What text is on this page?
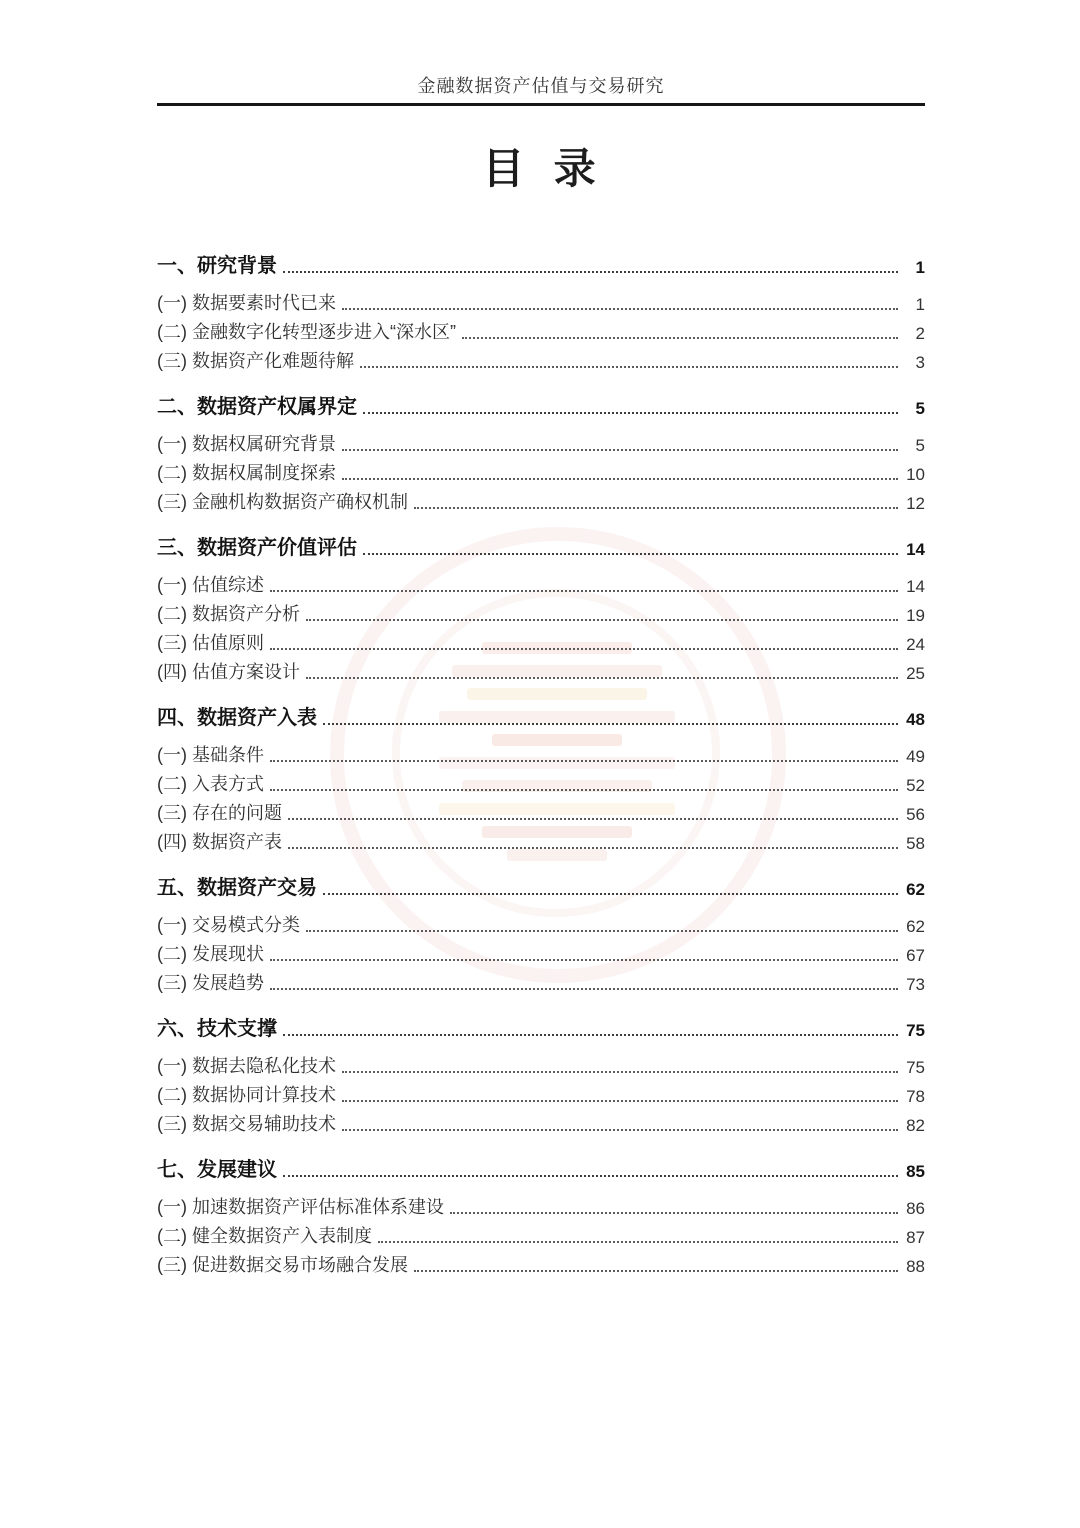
金融数据资产估值与交易研究
目  录
一、研究背景	1
(一) 数据要素时代已来	1
(二) 金融数字化转型逐步进入“深水区”	2
(三) 数据资产化难题待解	3
二、数据资产权属界定	5
(一) 数据权属研究背景	5
(二) 数据权属制度探索	10
(三) 金融机构数据资产确权机制	12
三、数据资产价值评估	14
(一) 估值综述	14
(二) 数据资产分析	19
(三) 估值原则	24
(四) 估值方案设计	25
四、数据资产入表	48
(一) 基础条件	49
(二) 入表方式	52
(三) 存在的问题	56
(四) 数据资产表	58
五、数据资产交易	62
(一) 交易模式分类	62
(二) 发展现状	67
(三) 发展趋势	73
六、技术支撑	75
(一) 数据去隐私化技术	75
(二) 数据协同计算技术	78
(三) 数据交易辅助技术	82
七、发展建议	85
(一) 加速数据资产评估标准体系建设	86
(二) 健全数据资产入表制度	87
(三) 促进数据交易市场融合发展	88
